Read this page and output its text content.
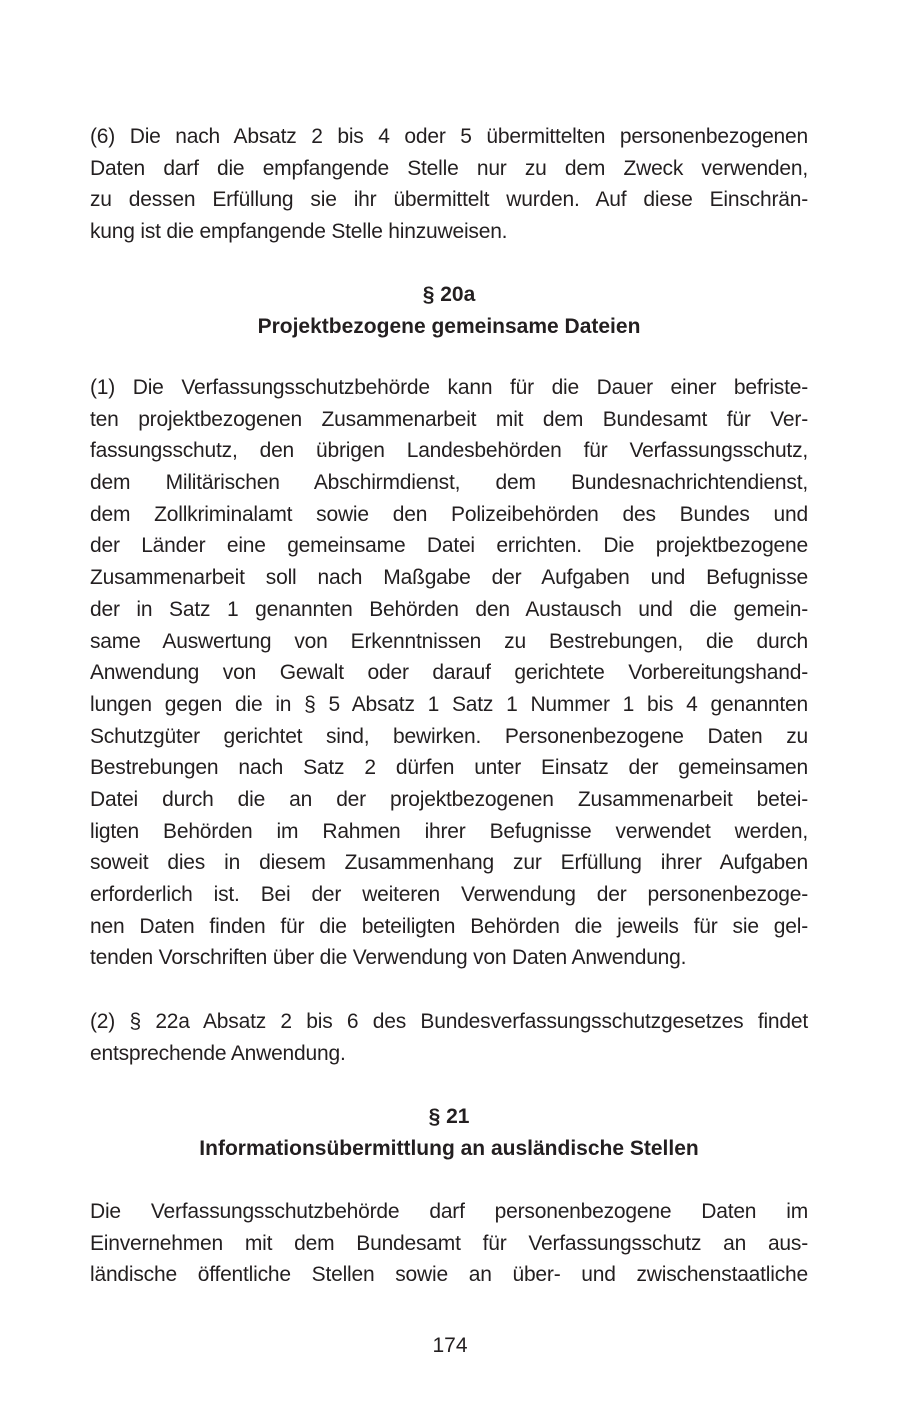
(6) Die nach Absatz 2 bis 4 oder 5 übermittelten personenbezogenen
Daten darf die empfangende Stelle nur zu dem Zweck verwenden,
zu dessen Erfüllung sie ihr übermittelt wurden. Auf diese Einschrän-
kung ist die empfangende Stelle hinzuweisen.
§ 20a
Projektbezogene gemeinsame Dateien
(1) Die Verfassungsschutzbehörde kann für die Dauer einer befriste-
ten projektbezogenen Zusammenarbeit mit dem Bundesamt für Ver-
fassungsschutz, den übrigen Landesbehörden für Verfassungsschutz,
dem Militärischen Abschirmdienst, dem Bundesnachrichtendienst,
dem Zollkriminalamt sowie den Polizeibehörden des Bundes und
der Länder eine gemeinsame Datei errichten. Die projektbezogene
Zusammenarbeit soll nach Maßgabe der Aufgaben und Befugnisse
der in Satz 1 genannten Behörden den Austausch und die gemein-
same Auswertung von Erkenntnissen zu Bestrebungen, die durch
Anwendung von Gewalt oder darauf gerichtete Vorbereitungshand-
lungen gegen die in § 5 Absatz 1 Satz 1 Nummer 1 bis 4 genannten
Schutzgüter gerichtet sind, bewirken. Personenbezogene Daten zu
Bestrebungen nach Satz 2 dürfen unter Einsatz der gemeinsamen
Datei durch die an der projektbezogenen Zusammenarbeit betei-
ligten Behörden im Rahmen ihrer Befugnisse verwendet werden,
soweit dies in diesem Zusammenhang zur Erfüllung ihrer Aufgaben
erforderlich ist. Bei der weiteren Verwendung der personenbezoge-
nen Daten finden für die beteiligten Behörden die jeweils für sie gel-
tenden Vorschriften über die Verwendung von Daten Anwendung.
(2) § 22a Absatz 2 bis 6 des Bundesverfassungsschutzgesetzes findet
entsprechende Anwendung.
§ 21
Informationsübermittlung an ausländische Stellen
Die Verfassungsschutzbehörde darf personenbezogene Daten im
Einvernehmen mit dem Bundesamt für Verfassungsschutz an aus-
ländische öffentliche Stellen sowie an über- und zwischenstaatliche
174
